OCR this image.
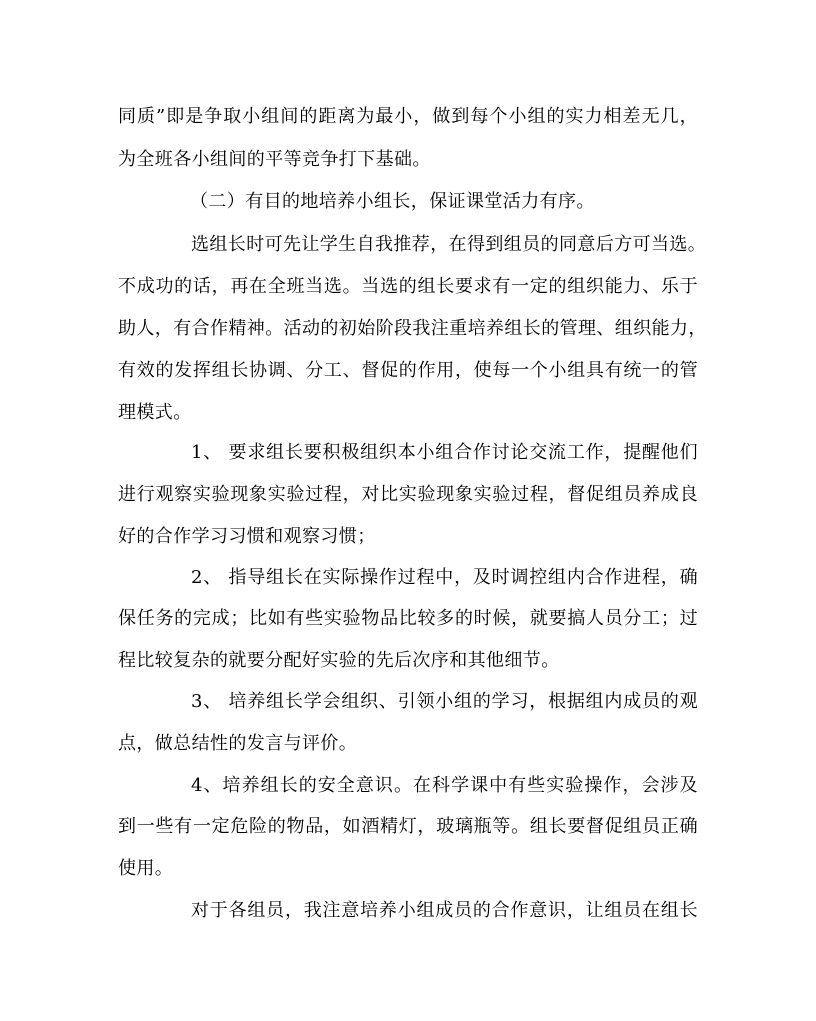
同质”即是争取小组间的距离为最小，做到每个小组的实力相差无几，
为全班各小组间的平等竞争打下基础。
（二）有目的地培养小组长，保证课堂活力有序。
选组长时可先让学生自我推荐，在得到组员的同意后方可当选。
不成功的话，再在全班当选。当选的组长要求有一定的组织能力、乐于
助人，有合作精神。活动的初始阶段我注重培养组长的管理、组织能力，
有效的发挥组长协调、分工、督促的作用，使每一个小组具有统一的管
理模式。
1、 要求组长要积极组织本小组合作讨论交流工作，提醒他们
进行观察实验现象实验过程，对比实验现象实验过程，督促组员养成良
好的合作学习习惯和观察习惯；
2、 指导组长在实际操作过程中，及时调控组内合作进程，确
保任务的完成；比如有些实验物品比较多的时候，就要搞人员分工；过
程比较复杂的就要分配好实验的先后次序和其他细节。
3、 培养组长学会组织、引领小组的学习，根据组内成员的观
点，做总结性的发言与评价。
4、培养组长的安全意识。在科学课中有些实验操作，会涉及
到一些有一定危险的物品，如酒精灯，玻璃瓶等。组长要督促组员正确
使用。
对于各组员，我注意培养小组成员的合作意识，让组员在组长
